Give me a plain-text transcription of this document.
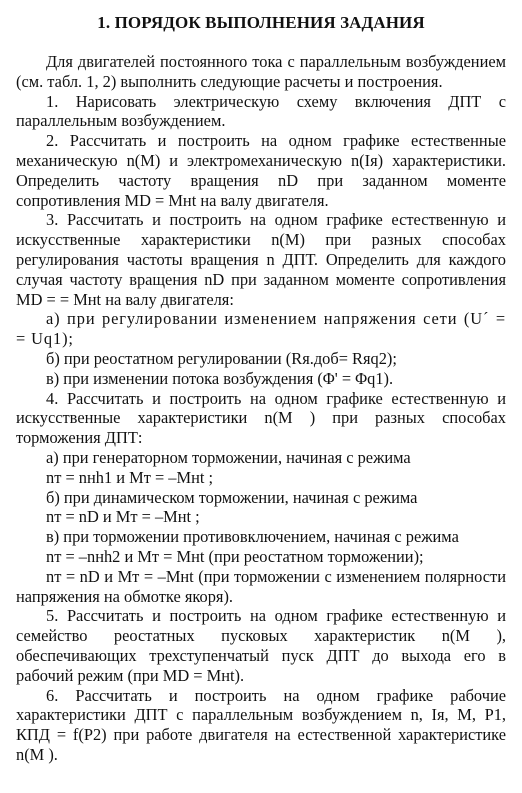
1. ПОРЯДОК ВЫПОЛНЕНИЯ ЗАДАНИЯ

Для двигателей постоянного тока с параллельным возбуждением (см. табл. 1, 2) выполнить следующие расчеты и построения.

1. Нарисовать электрическую схему включения ДПТ с параллельным возбуждением.

2. Рассчитать и построить на одном графике естественные механическую n(M) и электромеханическую n(Iя) характеристики. Определить частоту вращения nD при заданном моменте сопротивления MD = Mнt на валу двигателя.

3. Рассчитать и построить на одном графике естественную и искусственные характеристики n(M) при разных способах регулирования частоты вращения n ДПТ. Определить для каждого случая частоту вращения nD при заданном моменте сопротивления MD = = Mнt на валу двигателя:

а) при регулировании изменением напряжения сети (U´ = = Uq1);

б) при реостатном регулировании (Rя.доб= Rяq2);

в) при изменении потока возбуждения (Φ' = Φq1).

4. Рассчитать и построить на одном графике естественную и искусственные характеристики n(M ) при разных способах торможения ДПТ:

а) при генераторном торможении, начиная с режима

nт = nнh1 и Mт = –Mнt ;

б) при динамическом торможении, начиная с режима

nт = nD и Mт = –Mнt ;

в) при торможении противовключением, начиная с режима

nт = –nнh2 и Mт = Mнt (при реостатном торможении);

nт = nD и Mт = –Mнt (при торможении с изменением полярности напряжения на обмотке якоря).

5. Рассчитать и построить на одном графике естественную и семейство реостатных пусковых характеристик n(M ), обеспечивающих трехступенчатый пуск ДПТ до выхода его в рабочий режим (при MD = Mнt).

6. Рассчитать и построить на одном графике рабочие характеристики ДПТ с параллельным возбуждением n, Iя, M, P1, КПД = f(P2) при работе двигателя на естественной характеристике n(M ).
